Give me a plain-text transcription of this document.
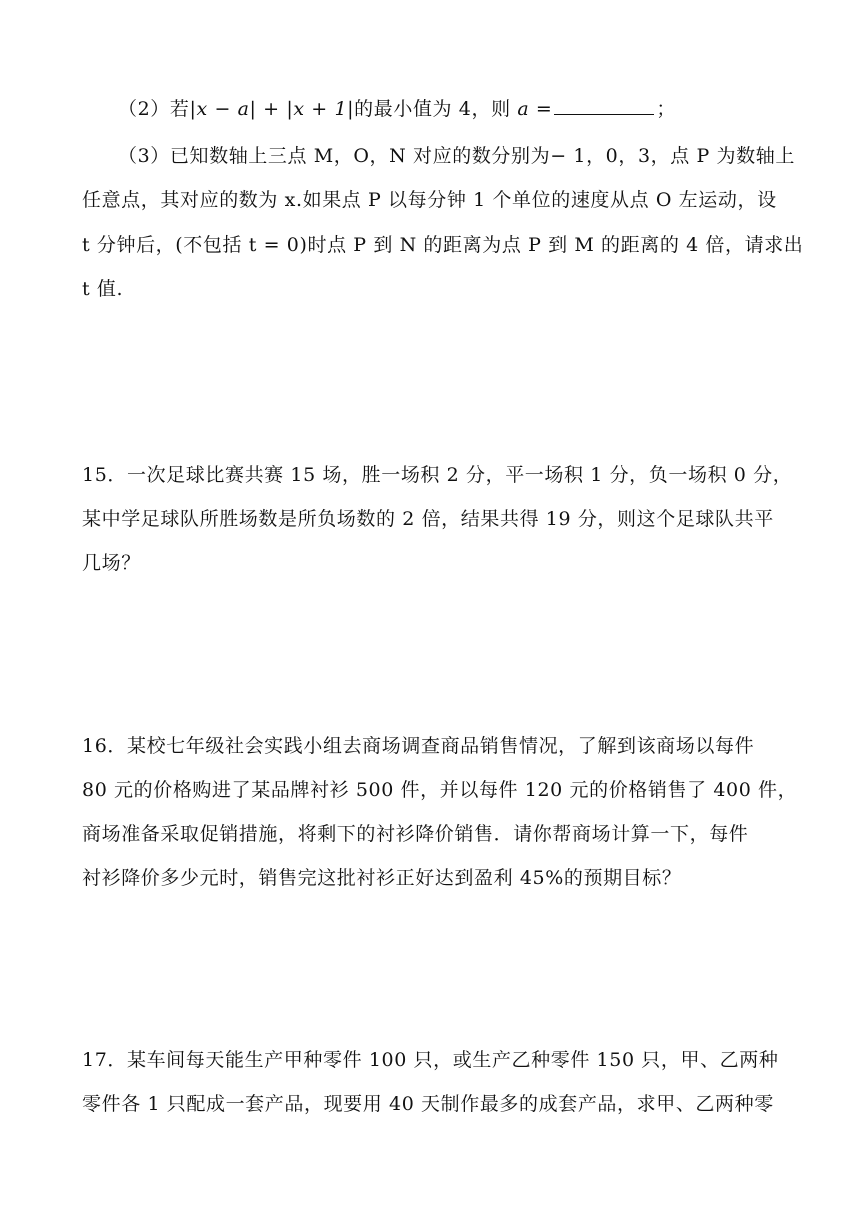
（2）若|x − a| + |x + 1|的最小值为 4，则 a =	；
（3）已知数轴上三点 M，O，N 对应的数分别为− 1，0，3，点 P 为数轴上
任意点，其对应的数为 x.如果点 P 以每分钟 1 个单位的速度从点 O 左运动，设
t 分钟后，(不包括 t = 0)时点 P 到 N 的距离为点 P 到 M 的距离的 4 倍，请求出
t 值.
15．一次足球比赛共赛 15 场，胜一场积 2 分，平一场积 1 分，负一场积 0 分，
某中学足球队所胜场数是所负场数的 2 倍，结果共得 19 分，则这个足球队共平
几场？
16．某校七年级社会实践小组去商场调查商品销售情况，了解到该商场以每件
80 元的价格购进了某品牌衬衫 500 件，并以每件 120 元的价格销售了 400 件，
商场准备采取促销措施，将剩下的衬衫降价销售．请你帮商场计算一下，每件
衬衫降价多少元时，销售完这批衬衫正好达到盈利 45%的预期目标？
17．某车间每天能生产甲种零件 100 只，或生产乙种零件 150 只，甲、乙两种
零件各 1 只配成一套产品，现要用 40 天制作最多的成套产品，求甲、乙两种零
